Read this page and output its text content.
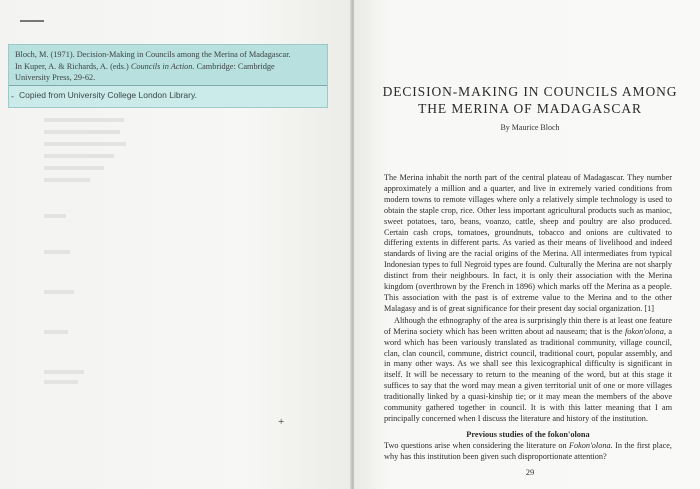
Bloch, M. (1971). Decision-Making in Councils among the Merina of Madagascar.
In Kuper, A. & Richards, A. (eds.) Councils in Action. Cambridge: Cambridge
University Press, 29-62.
- Copied from University College London Library.
+
DECISION-MAKING IN COUNCILS AMONG
THE MERINA OF MADAGASCAR
By Maurice Bloch

The Merina inhabit the north part of the central plateau of Madagascar. They number approximately a million and a quarter, and live in extremely varied conditions from modern towns to remote villages where only a relatively simple technology is used to obtain the staple crop, rice. Other less important agricultural products such as manioc, sweet potatoes, taro, beans, voanzo, cattle, sheep and poultry are also produced. Certain cash crops, tomatoes, groundnuts, tobacco and onions are cultivated to differing extents in different parts. As varied as their means of livelihood and indeed standards of living are the racial origins of the Merina. All intermediates from typical Indonesian types to full Negroid types are found. Culturally the Merina are not sharply distinct from their neighbours. In fact, it is only their association with the Merina kingdom (overthrown by the French in 1896) which marks off the Merina as a people. This association with the past is of extreme value to the Merina and to the other Malagasy and is of great significance for their present day social organization. [1]

Although the ethnography of the area is surprisingly thin there is at least one feature of Merina society which has been written about ad nauseam; that is the fokon'olona, a word which has been variously translated as traditional community, village council, clan, clan council, commune, district council, traditional court, popular assembly, and in many other ways. As we shall see this lexicographical difficulty is significant in itself. It will be necessary to return to the meaning of the word, but at this stage it suffices to say that the word may mean a given territorial unit of one or more villages traditionally linked by a quasi-kinship tie; or it may mean the members of the above community gathered together in council. It is with this latter meaning that I am principally concerned when I discuss the literature and history of the institution.

Previous studies of the fokon'olona
Two questions arise when considering the literature on Fokon'olona. In the first place, why has this institution been given such disproportionate attention?
29
